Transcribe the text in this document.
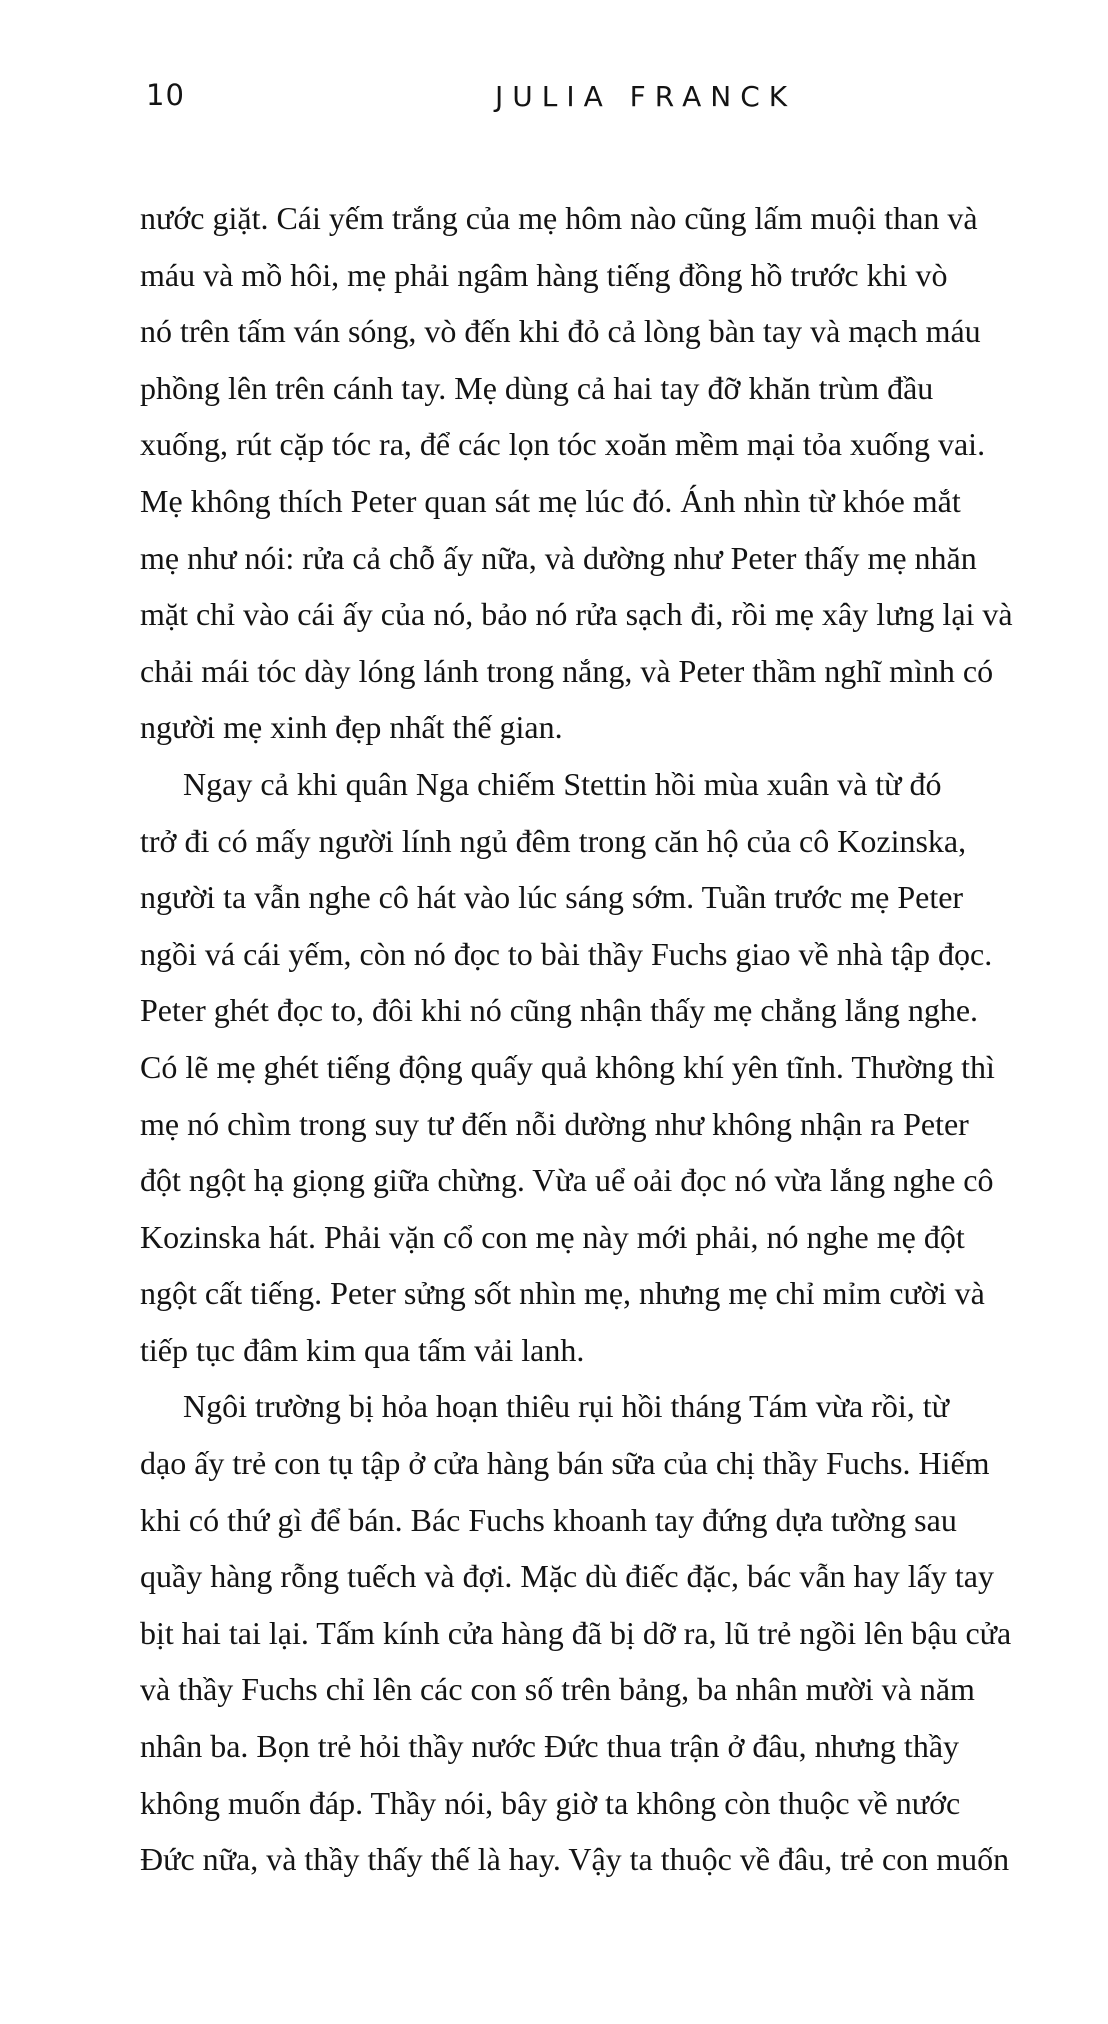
10	JULIA FRANCK
nước giặt. Cái yếm trắng của mẹ hôm nào cũng lấm muội than và
máu và mồ hôi, mẹ phải ngâm hàng tiếng đồng hồ trước khi vò
nó trên tấm ván sóng, vò đến khi đỏ cả lòng bàn tay và mạch máu
phồng lên trên cánh tay. Mẹ dùng cả hai tay đỡ khăn trùm đầu
xuống, rút cặp tóc ra, để các lọn tóc xoăn mềm mại tỏa xuống vai.
Mẹ không thích Peter quan sát mẹ lúc đó. Ánh nhìn từ khóe mắt
mẹ như nói: rửa cả chỗ ấy nữa, và dường như Peter thấy mẹ nhăn
mặt chỉ vào cái ấy của nó, bảo nó rửa sạch đi, rồi mẹ xây lưng lại và
chải mái tóc dày lóng lánh trong nắng, và Peter thầm nghĩ mình có
người mẹ xinh đẹp nhất thế gian.
Ngay cả khi quân Nga chiếm Stettin hồi mùa xuân và từ đó
trở đi có mấy người lính ngủ đêm trong căn hộ của cô Kozinska,
người ta vẫn nghe cô hát vào lúc sáng sớm. Tuần trước mẹ Peter
ngồi vá cái yếm, còn nó đọc to bài thầy Fuchs giao về nhà tập đọc.
Peter ghét đọc to, đôi khi nó cũng nhận thấy mẹ chẳng lắng nghe.
Có lẽ mẹ ghét tiếng động quấy quả không khí yên tĩnh. Thường thì
mẹ nó chìm trong suy tư đến nỗi dường như không nhận ra Peter
đột ngột hạ giọng giữa chừng. Vừa uể oải đọc nó vừa lắng nghe cô
Kozinska hát. Phải vặn cổ con mẹ này mới phải, nó nghe mẹ đột
ngột cất tiếng. Peter sửng sốt nhìn mẹ, nhưng mẹ chỉ mỉm cười và
tiếp tục đâm kim qua tấm vải lanh.
Ngôi trường bị hỏa hoạn thiêu rụi hồi tháng Tám vừa rồi, từ
dạo ấy trẻ con tụ tập ở cửa hàng bán sữa của chị thầy Fuchs. Hiếm
khi có thứ gì để bán. Bác Fuchs khoanh tay đứng dựa tường sau
quầy hàng rỗng tuếch và đợi. Mặc dù điếc đặc, bác vẫn hay lấy tay
bịt hai tai lại. Tấm kính cửa hàng đã bị dỡ ra, lũ trẻ ngồi lên bậu cửa
và thầy Fuchs chỉ lên các con số trên bảng, ba nhân mười và năm
nhân ba. Bọn trẻ hỏi thầy nước Đức thua trận ở đâu, nhưng thầy
không muốn đáp. Thầy nói, bây giờ ta không còn thuộc về nước
Đức nữa, và thầy thấy thế là hay. Vậy ta thuộc về đâu, trẻ con muốn
